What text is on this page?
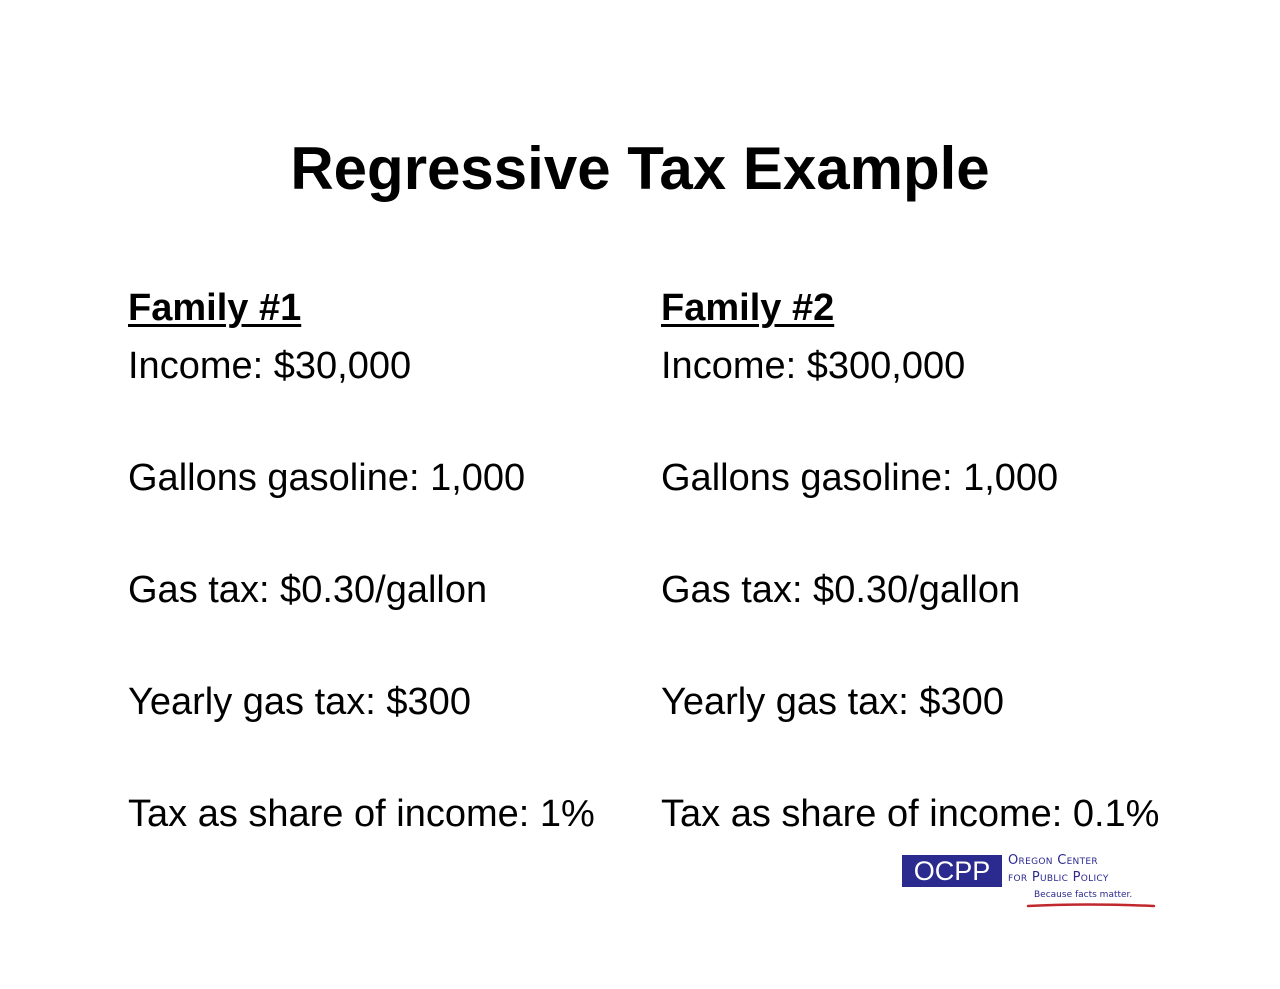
Regressive Tax Example
Family #1
Income: $30,000
Gallons gasoline: 1,000
Gas tax: $0.30/gallon
Yearly gas tax: $300
Tax as share of income: 1%
Family #2
Income: $300,000
Gallons gasoline: 1,000
Gas tax: $0.30/gallon
Yearly gas tax: $300
Tax as share of income: 0.1%
OCPP	Oregon Center
for Public Policy
Because facts matter.
